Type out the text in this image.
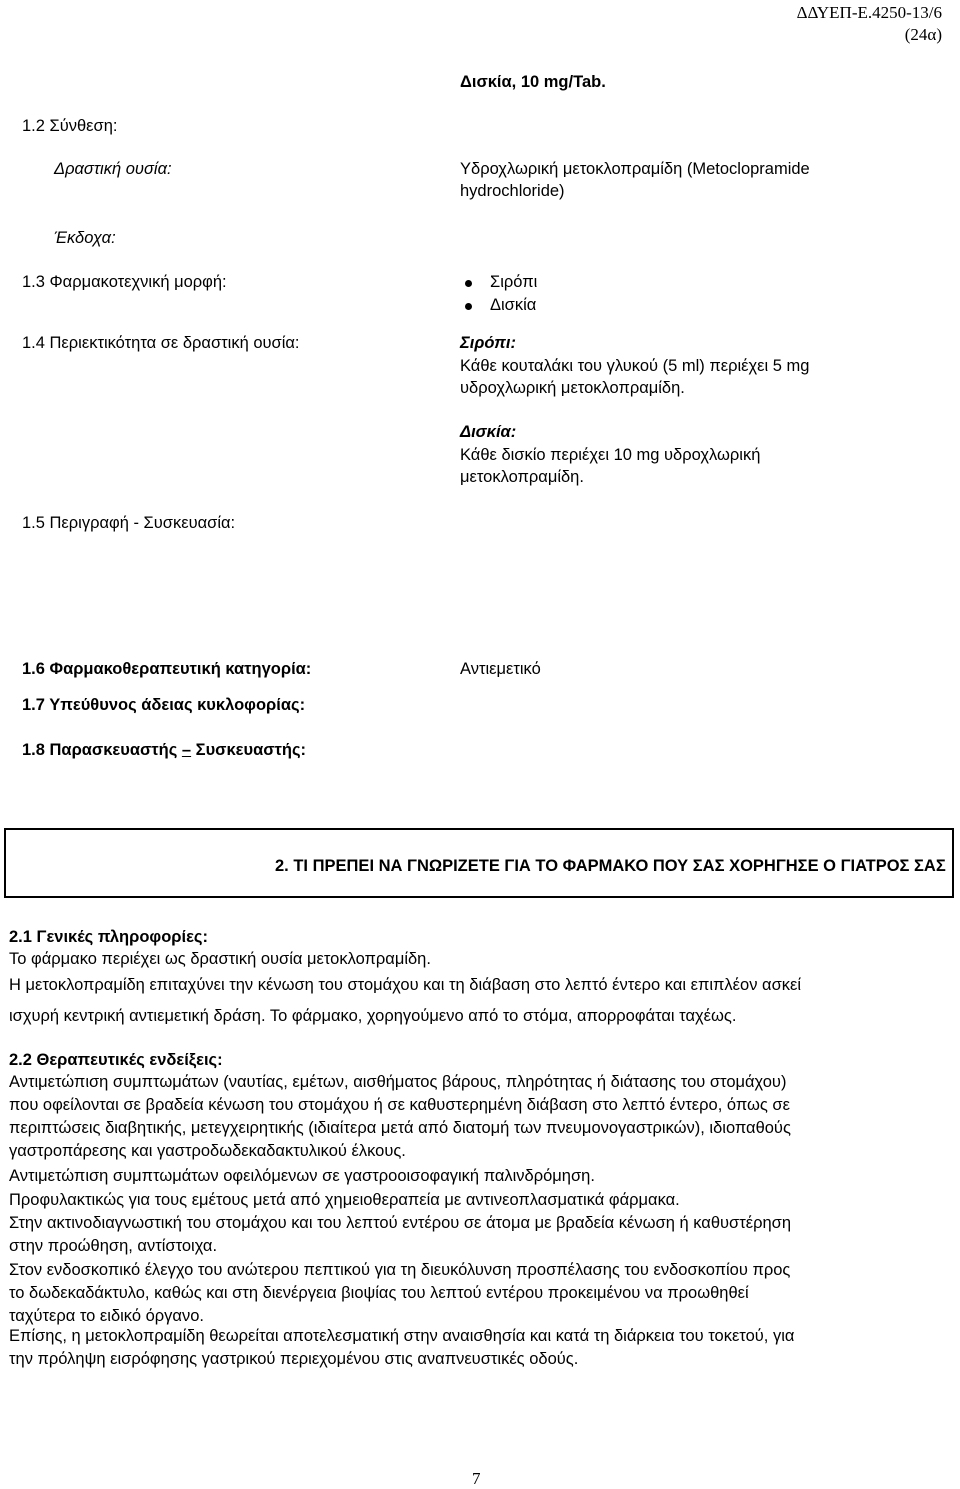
ΔΔΥΕΠ-Ε.4250-13/6
(24α)
Δισκία, 10 mg/Tab.
1.2 Σύνθεση:
Δραστική ουσία:	Υδροχλωρική μετοκλοπραμίδη (Metoclopramide
hydrochloride)
Έκδοχα:
1.3 Φαρμακοτεχνική μορφή:	Σιρόπι
Δισκία
1.4 Περιεκτικότητα σε δραστική ουσία:	Σιρόπι:
Κάθε κουταλάκι του γλυκού (5 ml) περιέχει 5 mg
υδροχλωρική μετοκλοπραμίδη.
Δισκία:
Κάθε δισκίο περιέχει 10 mg υδροχλωρική
μετοκλοπραμίδη.
1.5 Περιγραφή - Συσκευασία:
1.6 Φαρμακοθεραπευτική κατηγορία:	Αντιεμετικό
1.7 Υπεύθυνος άδειας κυκλοφορίας:
1.8 Παρασκευαστής – Συσκευαστής:
2. ΤΙ ΠΡΕΠΕΙ ΝΑ ΓΝΩΡΙΖΕΤΕ ΓΙΑ ΤΟ ΦΑΡΜΑΚΟ ΠΟΥ ΣΑΣ ΧΟΡΗΓΗΣΕ Ο ΓΙΑΤΡΟΣ ΣΑΣ
2.1 Γενικές πληροφορίες:
Το φάρμακο περιέχει ως δραστική ουσία μετοκλοπραμίδη.
Η μετοκλοπραμίδη επιταχύνει την κένωση του στομάχου και τη διάβαση στο λεπτό έντερο και επιπλέον ασκεί
ισχυρή κεντρική αντιεμετική δράση. Το φάρμακο, χορηγούμενο από το στόμα, απορροφάται ταχέως.
2.2 Θεραπευτικές ενδείξεις:
Αντιμετώπιση συμπτωμάτων (ναυτίας, εμέτων, αισθήματος βάρους, πληρότητας ή διάτασης του στομάχου)
που οφείλονται σε βραδεία κένωση του στομάχου ή σε καθυστερημένη διάβαση στο λεπτό έντερο, όπως σε
περιπτώσεις διαβητικής, μετεγχειρητικής (ιδιαίτερα μετά από διατομή των πνευμονογαστρικών), ιδιοπαθούς
γαστροπάρεσης και γαστροδωδεκαδακτυλικού έλκους.
Αντιμετώπιση συμπτωμάτων οφειλόμενων σε γαστροοισοφαγική παλινδρόμηση.
Προφυλακτικώς για τους εμέτους μετά από χημειοθεραπεία με αντινεοπλασματικά φάρμακα.
Στην ακτινοδιαγνωστική του στομάχου και του λεπτού εντέρου σε άτομα με βραδεία κένωση ή καθυστέρηση
στην προώθηση, αντίστοιχα.
Στον ενδοσκοπικό έλεγχο του ανώτερου πεπτικού για τη διευκόλυνση προσπέλασης του ενδοσκοπίου προς
το δωδεκαδάκτυλο, καθώς και στη διενέργεια βιοψίας του λεπτού εντέρου προκειμένου να προωθηθεί
ταχύτερα το ειδικό όργανο.
Επίσης, η μετοκλοπραμίδη θεωρείται αποτελεσματική στην αναισθησία και κατά τη διάρκεια του τοκετού, για
την πρόληψη εισρόφησης γαστρικού περιεχομένου στις αναπνευστικές οδούς.
7
